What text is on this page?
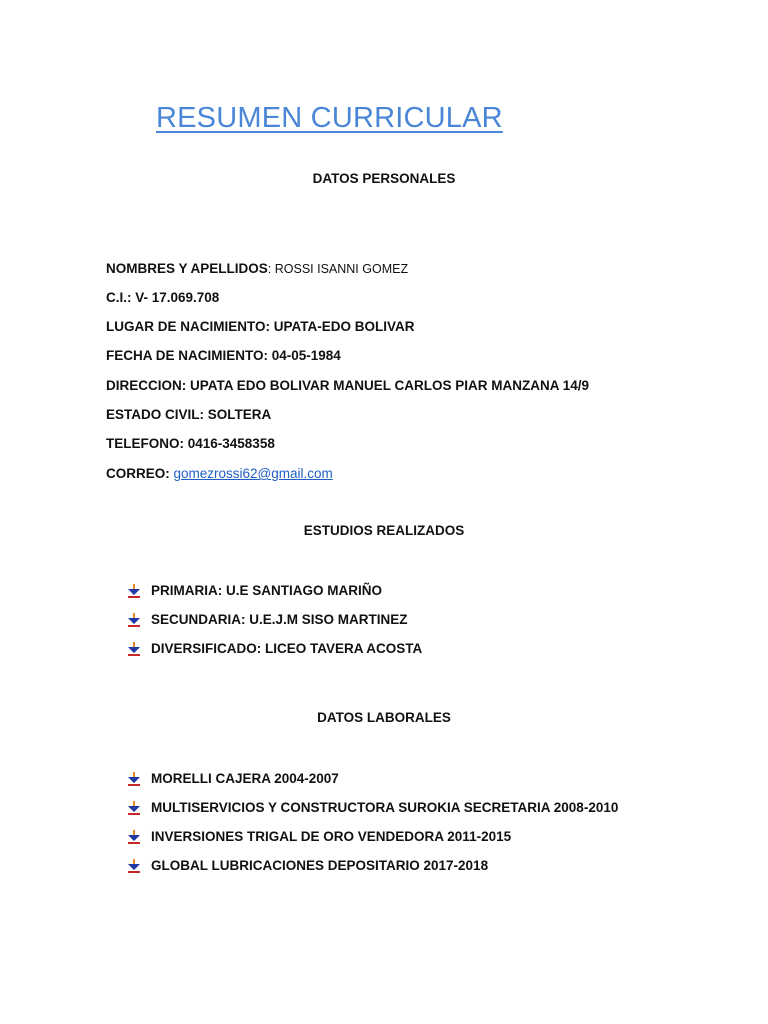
RESUMEN CURRICULAR
DATOS PERSONALES
NOMBRES Y APELLIDOS: ROSSI ISANNI GOMEZ
C.I.: V- 17.069.708
LUGAR DE NACIMIENTO: UPATA-EDO BOLIVAR
FECHA DE NACIMIENTO: 04-05-1984
DIRECCION: UPATA EDO BOLIVAR MANUEL CARLOS PIAR MANZANA 14/9
ESTADO CIVIL: SOLTERA
TELEFONO: 0416-3458358
CORREO: gomezrossi62@gmail.com
ESTUDIOS REALIZADOS
PRIMARIA: U.E SANTIAGO MARIÑO
SECUNDARIA: U.E.J.M SISO MARTINEZ
DIVERSIFICADO: LICEO TAVERA ACOSTA
DATOS LABORALES
MORELLI CAJERA 2004-2007
MULTISERVICIOS Y CONSTRUCTORA SUROKIA SECRETARIA 2008-2010
INVERSIONES TRIGAL DE ORO VENDEDORA 2011-2015
GLOBAL LUBRICACIONES DEPOSITARIO 2017-2018
